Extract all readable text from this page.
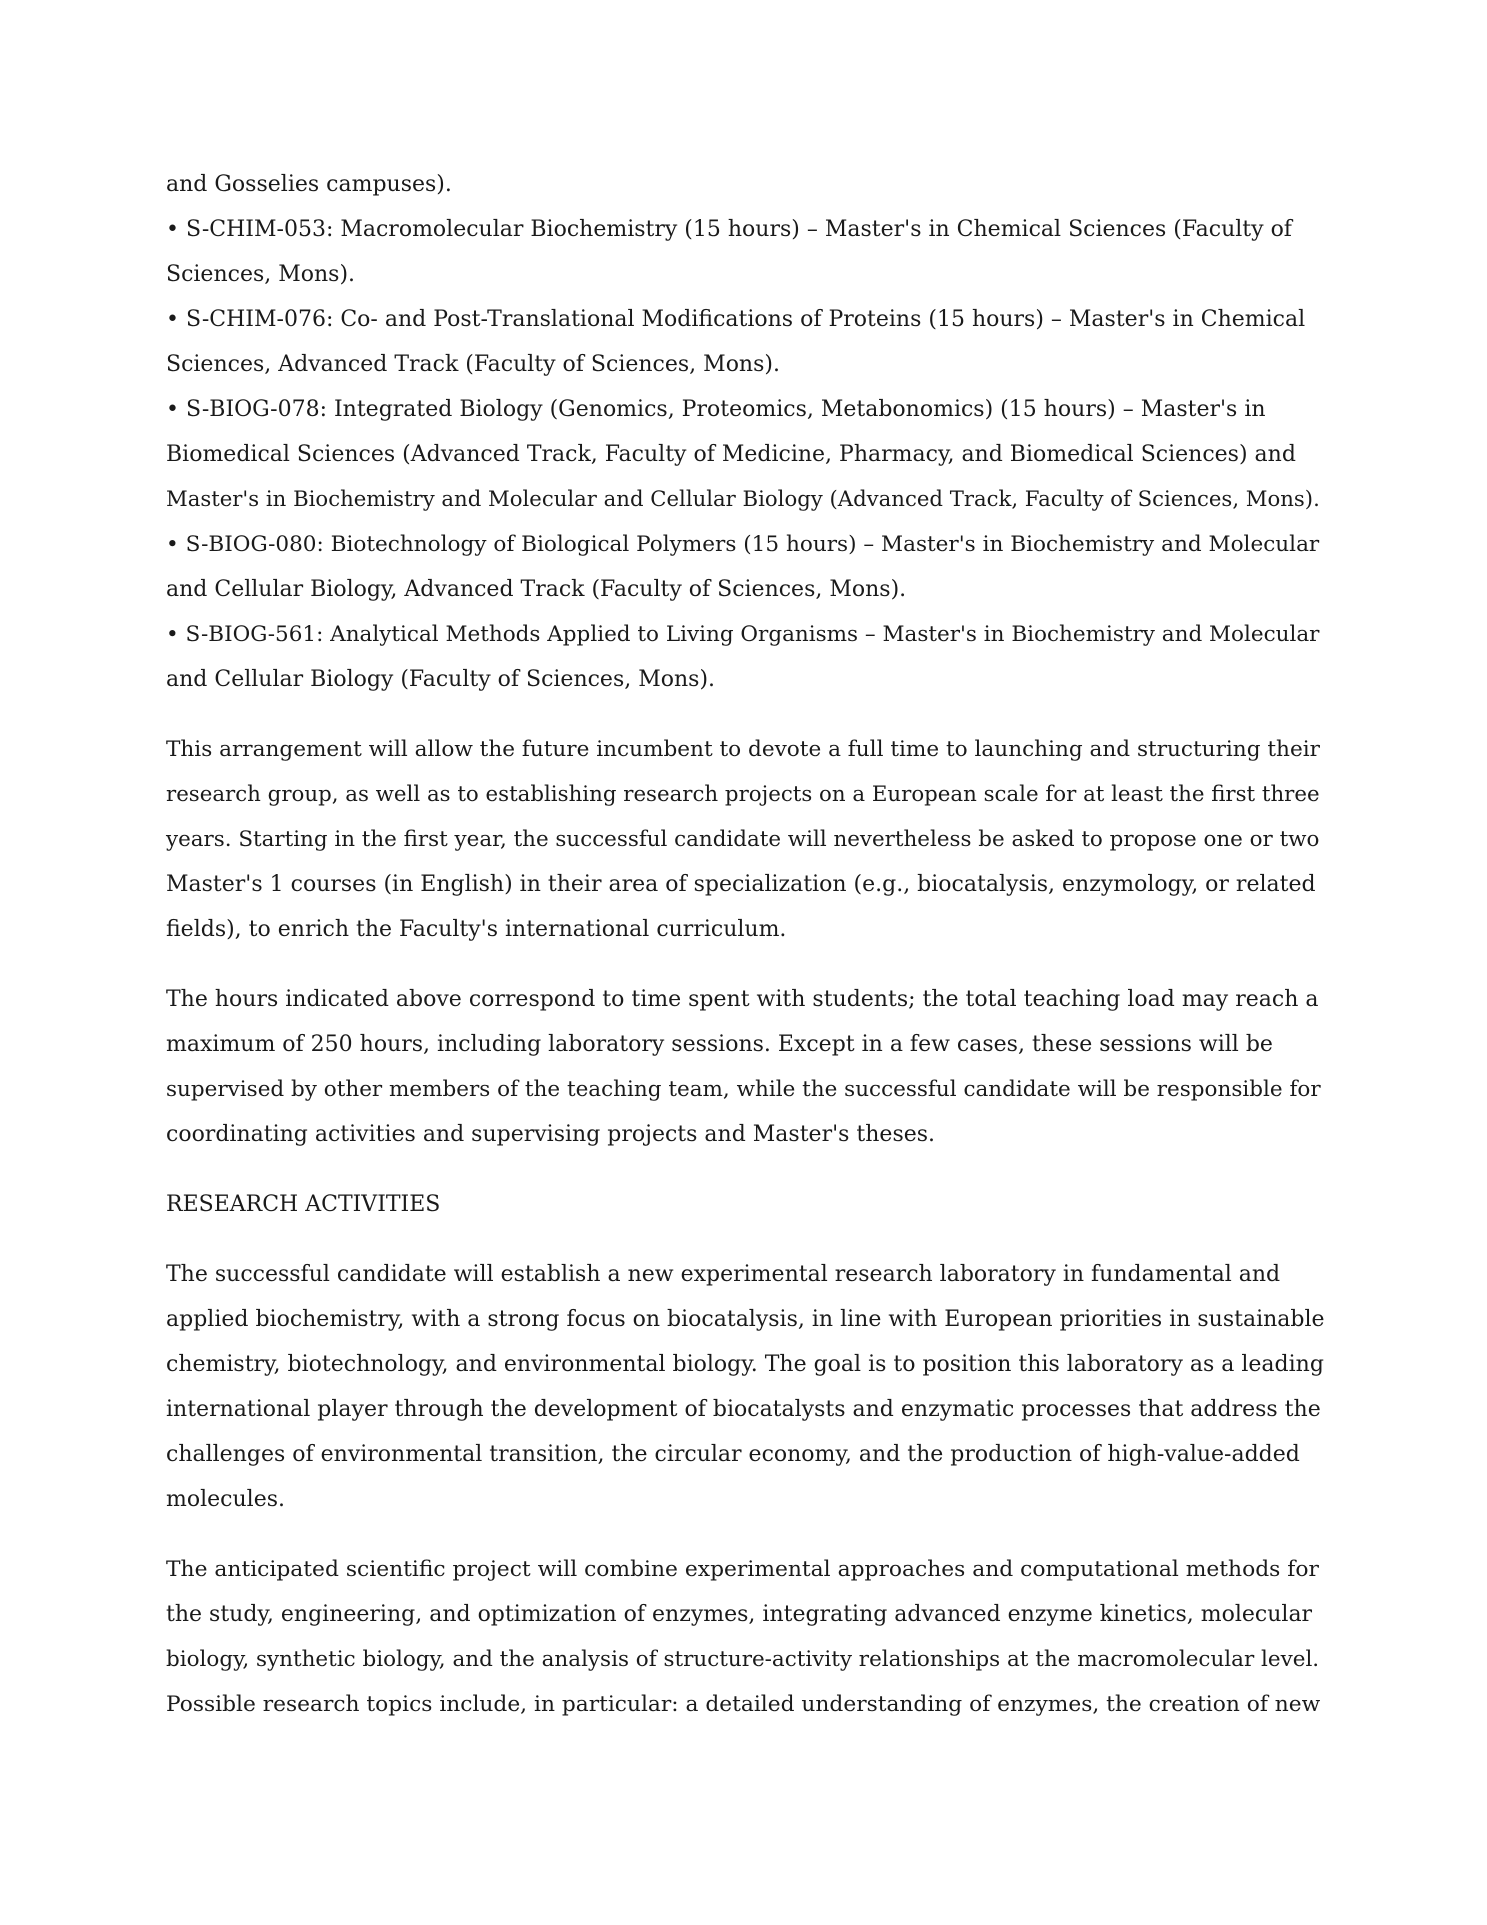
and Gosselies campuses).
• S-CHIM-053: Macromolecular Biochemistry (15 hours) – Master's in Chemical Sciences (Faculty of
Sciences, Mons).
• S-CHIM-076: Co- and Post-Translational Modifications of Proteins (15 hours) – Master's in Chemical
Sciences, Advanced Track (Faculty of Sciences, Mons).
• S-BIOG-078: Integrated Biology (Genomics, Proteomics, Metabonomics) (15 hours) – Master's in
Biomedical Sciences (Advanced Track, Faculty of Medicine, Pharmacy, and Biomedical Sciences) and
Master's in Biochemistry and Molecular and Cellular Biology (Advanced Track, Faculty of Sciences, Mons).
• S-BIOG-080: Biotechnology of Biological Polymers (15 hours) – Master's in Biochemistry and Molecular
and Cellular Biology, Advanced Track (Faculty of Sciences, Mons).
• S-BIOG-561: Analytical Methods Applied to Living Organisms – Master's in Biochemistry and Molecular
and Cellular Biology (Faculty of Sciences, Mons).
This arrangement will allow the future incumbent to devote a full time to launching and structuring their
research group, as well as to establishing research projects on a European scale for at least the first three
years. Starting in the first year, the successful candidate will nevertheless be asked to propose one or two
Master's 1 courses (in English) in their area of specialization (e.g., biocatalysis, enzymology, or related
fields), to enrich the Faculty's international curriculum.
The hours indicated above correspond to time spent with students; the total teaching load may reach a
maximum of 250 hours, including laboratory sessions. Except in a few cases, these sessions will be
supervised by other members of the teaching team, while the successful candidate will be responsible for
coordinating activities and supervising projects and Master's theses.
RESEARCH ACTIVITIES
The successful candidate will establish a new experimental research laboratory in fundamental and
applied biochemistry, with a strong focus on biocatalysis, in line with European priorities in sustainable
chemistry, biotechnology, and environmental biology. The goal is to position this laboratory as a leading
international player through the development of biocatalysts and enzymatic processes that address the
challenges of environmental transition, the circular economy, and the production of high-value-added
molecules.
The anticipated scientific project will combine experimental approaches and computational methods for
the study, engineering, and optimization of enzymes, integrating advanced enzyme kinetics, molecular
biology, synthetic biology, and the analysis of structure-activity relationships at the macromolecular level.
Possible research topics include, in particular: a detailed understanding of enzymes, the creation of new
